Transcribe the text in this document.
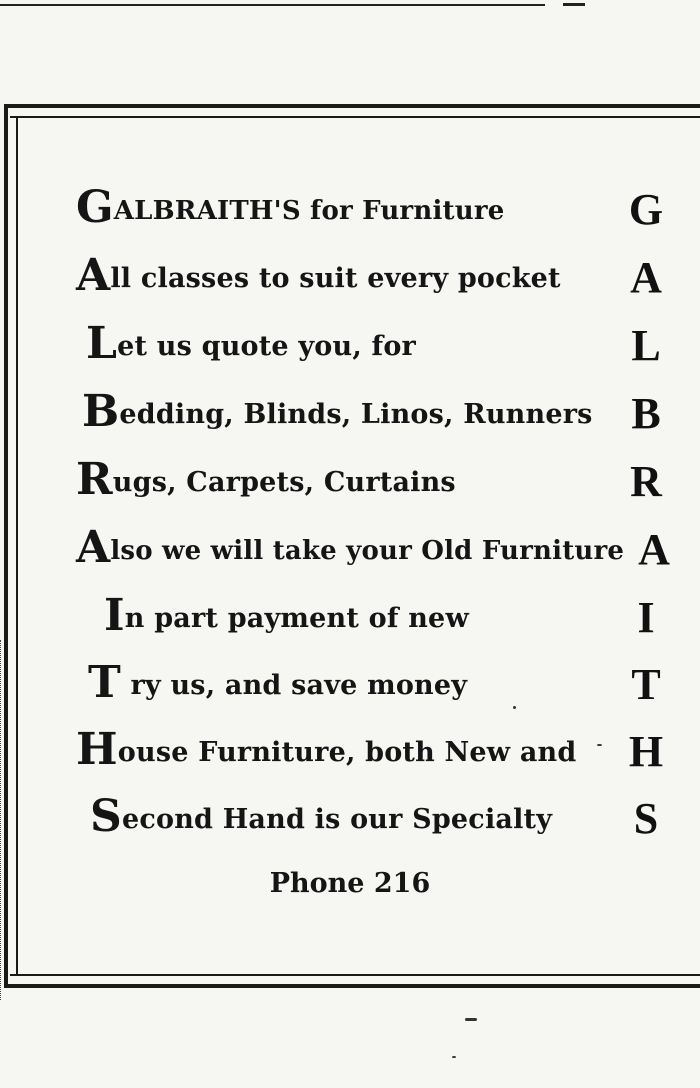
GALBRAITH'S for Furniture	G
All classes to suit every pocket A
Let us quote you, for	L
Bedding, Blinds, Linos, Runners B
Rugs, Carpets, Curtains	R
Also we will take your Old Furniture A
In part payment of new	I
T ry us, and save money	T
House Furniture, both New and H
Second Hand is our Specialty S
Phone 216
